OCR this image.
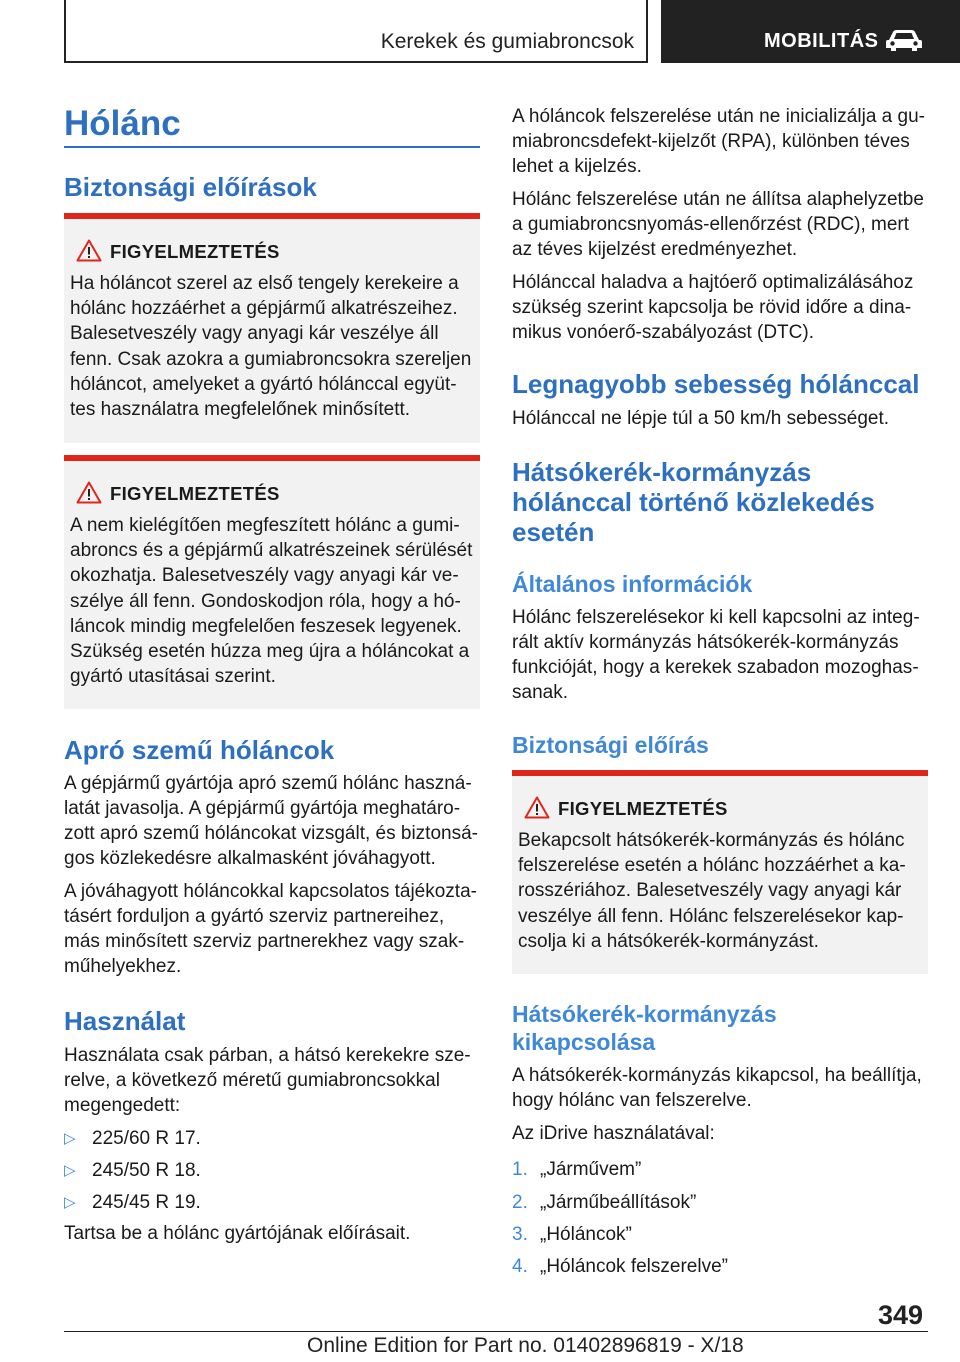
Kerekek és gumiabroncsok	MOBILITÁS
Hólánc
Biztonsági előírások
FIGYELMEZTETÉS
Ha hóláncot szerel az első tengely kerekeire a hólánc hozzáérhet a gépjármű alkatrészeihez. Balesetveszély vagy anyagi kár veszélye áll fenn. Csak azokra a gumiabroncsokra szereljen hóláncot, amelyeket a gyártó hólánccal együttes használatra megfelelőnek minősített.
FIGYELMEZTETÉS
A nem kielégítően megfeszített hólánc a gumiabroncs és a gépjármű alkatrészeinek sérülését okozhatja. Balesetveszély vagy anyagi kár veszélye áll fenn. Gondoskodjon róla, hogy a hóláncok mindig megfelelően feszesek legyenek. Szükség esetén húzza meg újra a hóláncokat a gyártó utasításai szerint.
Apró szemű hóláncok

A gépjármű gyártója apró szemű hólánc használatát javasolja. A gépjármű gyártója meghatározott apró szemű hóláncokat vizsgált, és biztonságos közlekedésre alkalmasként jóváhagyott.

A jóváhagyott hóláncokkal kapcsolatos tájékoztatásért forduljon a gyártó szerviz partnereihez, más minősített szerviz partnerekhez vagy szakműhelyekhez.

Használat

Használata csak párban, a hátsó kerekekre szerelve, a következő méretű gumiabroncsokkal megengedett:

▷ 225/60 R 17.
▷ 245/50 R 18.
▷ 245/45 R 19.

Tartsa be a hólánc gyártójának előírásait.

A hóláncok felszerelése után ne inicializálja a gumiabroncsdefekt-kijelzőt (RPA), különben téves lehet a kijelzés.

Hólánc felszerelése után ne állítsa alaphelyzetbe a gumiabroncsnyomás-ellenőrzést (RDC), mert az téves kijelzést eredményezhet.

Hólánccal haladva a hajtóerő optimalizálásához szükség szerint kapcsolja be rövid időre a dinamikus vonóerő-szabályozást (DTC).

Legnagyobb sebesség hólánccal

Hólánccal ne lépje túl a 50 km/h sebességet.

Hátsókerék-kormányzás hólánccal történő közlekedés esetén
Általános információk

Hólánc felszerelésekor ki kell kapcsolni az integrált aktív kormányzás hátsókerék-kormányzás funkcióját, hogy a kerekek szabadon mozoghassanak.

Biztonsági előírás
FIGYELMEZTETÉS
Bekapcsolt hátsókerék-kormányzás és hólánc felszerelése esetén a hólánc hozzáérhet a karosszériához. Balesetveszély vagy anyagi kár veszélye áll fenn. Hólánc felszerelésekor kapcsolja ki a hátsókerék-kormányzást.
Hátsókerék-kormányzás kikapcsolása

A hátsókerék-kormányzás kikapcsol, ha beállítja, hogy hólánc van felszerelve.

Az iDrive használatával:

1. „Járművem”
2. „Járműbeállítások”
3. „Hóláncok”
4. „Hóláncok felszerelve”
349
Online Edition for Part no. 01402896819 - X/18
